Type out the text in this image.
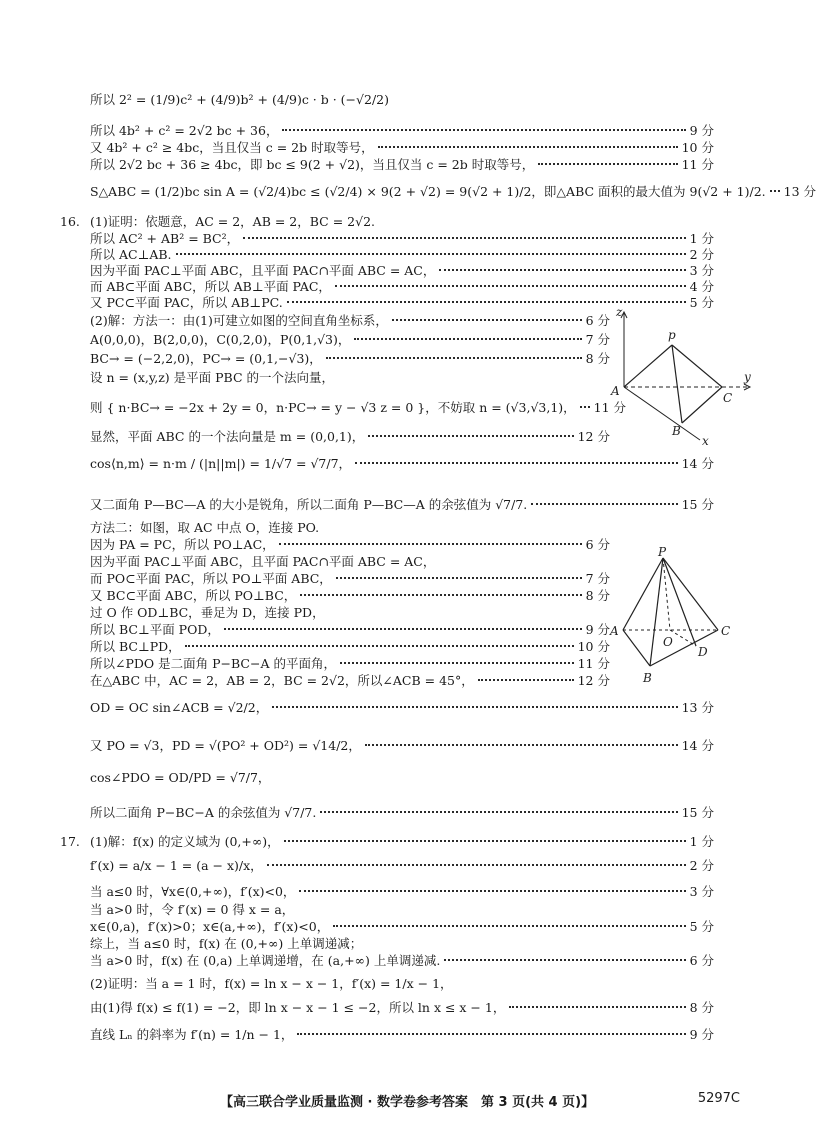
所以 2² = (1/9)c² + (4/9)b² + (4/9)c · b · (−√2/2)
所以 4b² + c² = 2√2 bc + 36，	9 分
又 4b² + c² ≥ 4bc，当且仅当 c = 2b 时取等号，	10 分
所以 2√2 bc + 36 ≥ 4bc，即 bc ≤ 9(2 + √2)，当且仅当 c = 2b 时取等号，	11 分
S△ABC = (1/2)bc sin A = (√2/4)bc ≤ (√2/4) × 9(2 + √2) = 9(√2 + 1)/2，即△ABC 面积的最大值为 9(√2 + 1)/2. 13 分
16. (1)证明：依题意，AC = 2，AB = 2，BC = 2√2.
所以 AC² + AB² = BC²，	1 分
所以 AC⊥AB.	2 分
因为平面 PAC⊥平面 ABC，且平面 PAC∩平面 ABC = AC，	3 分
而 AB⊂平面 ABC，所以 AB⊥平面 PAC，	4 分
又 PC⊂平面 PAC，所以 AB⊥PC.	5 分
(2)解：方法一：由(1)可建立如图的空间直角坐标系，	6 分
A(0,0,0)，B(2,0,0)，C(0,2,0)，P(0,1,√3)，	7 分
BC→ = (−2,2,0)，PC→ = (0,1,−√3)，	8 分
设 n = (x,y,z) 是平面 PBC 的一个法向量，
则 { n·BC→ = −2x + 2y = 0，n·PC→ = y − √3 z = 0 }，不妨取 n = (√3,√3,1)， 11 分
显然，平面 ABC 的一个法向量是 m = (0,0,1)，	12 分
cos⟨n,m⟩ = n·m / (|n||m|) = 1/√7 = √7/7，	14 分
又二面角 P—BC—A 的大小是锐角，所以二面角 P—BC—A 的余弦值为 √7/7.	15 分
方法二：如图，取 AC 中点 O，连接 PO.
因为 PA = PC，所以 PO⊥AC，	6 分
因为平面 PAC⊥平面 ABC，且平面 PAC∩平面 ABC = AC，
而 PO⊂平面 PAC，所以 PO⊥平面 ABC，	7 分
又 BC⊂平面 ABC，所以 PO⊥BC，	8 分
过 O 作 OD⊥BC，垂足为 D，连接 PD，
所以 BC⊥平面 POD，	9 分
所以 BC⊥PD，	10 分
所以∠PDO 是二面角 P−BC−A 的平面角，	11 分
在△ABC 中，AC = 2，AB = 2，BC = 2√2，所以∠ACB = 45°，	12 分
OD = OC sin∠ACB = √2/2，	13 分
又 PO = √3，PD = √(PO² + OD²) = √14/2，	14 分
cos∠PDO = OD/PD = √7/7，
所以二面角 P−BC−A 的余弦值为 √7/7.	15 分
17. (1)解：f(x) 的定义域为 (0,+∞)，	1 分
f′(x) = a/x − 1 = (a − x)/x，	2 分
当 a≤0 时，∀x∈(0,+∞)，f′(x)<0，	3 分
当 a>0 时，令 f′(x) = 0 得 x = a，
x∈(0,a)，f′(x)>0；x∈(a,+∞)，f′(x)<0，	5 分
综上，当 a≤0 时，f(x) 在 (0,+∞) 上单调递减；
当 a>0 时，f(x) 在 (0,a) 上单调递增，在 (a,+∞) 上单调递减.	6 分
(2)证明：当 a = 1 时，f(x) = ln x − x − 1，f′(x) = 1/x − 1，
由(1)得 f(x) ≤ f(1) = −2，即 ln x − x − 1 ≤ −2，所以 ln x ≤ x − 1，	8 分
直线 Lₙ 的斜率为 f′(n) = 1/n − 1，	9 分
z
p
A	C
B
y
x
P
A	C
B
O
D
【高三联合学业质量监测 · 数学卷参考答案　第 3 页(共 4 页)】	5297C
